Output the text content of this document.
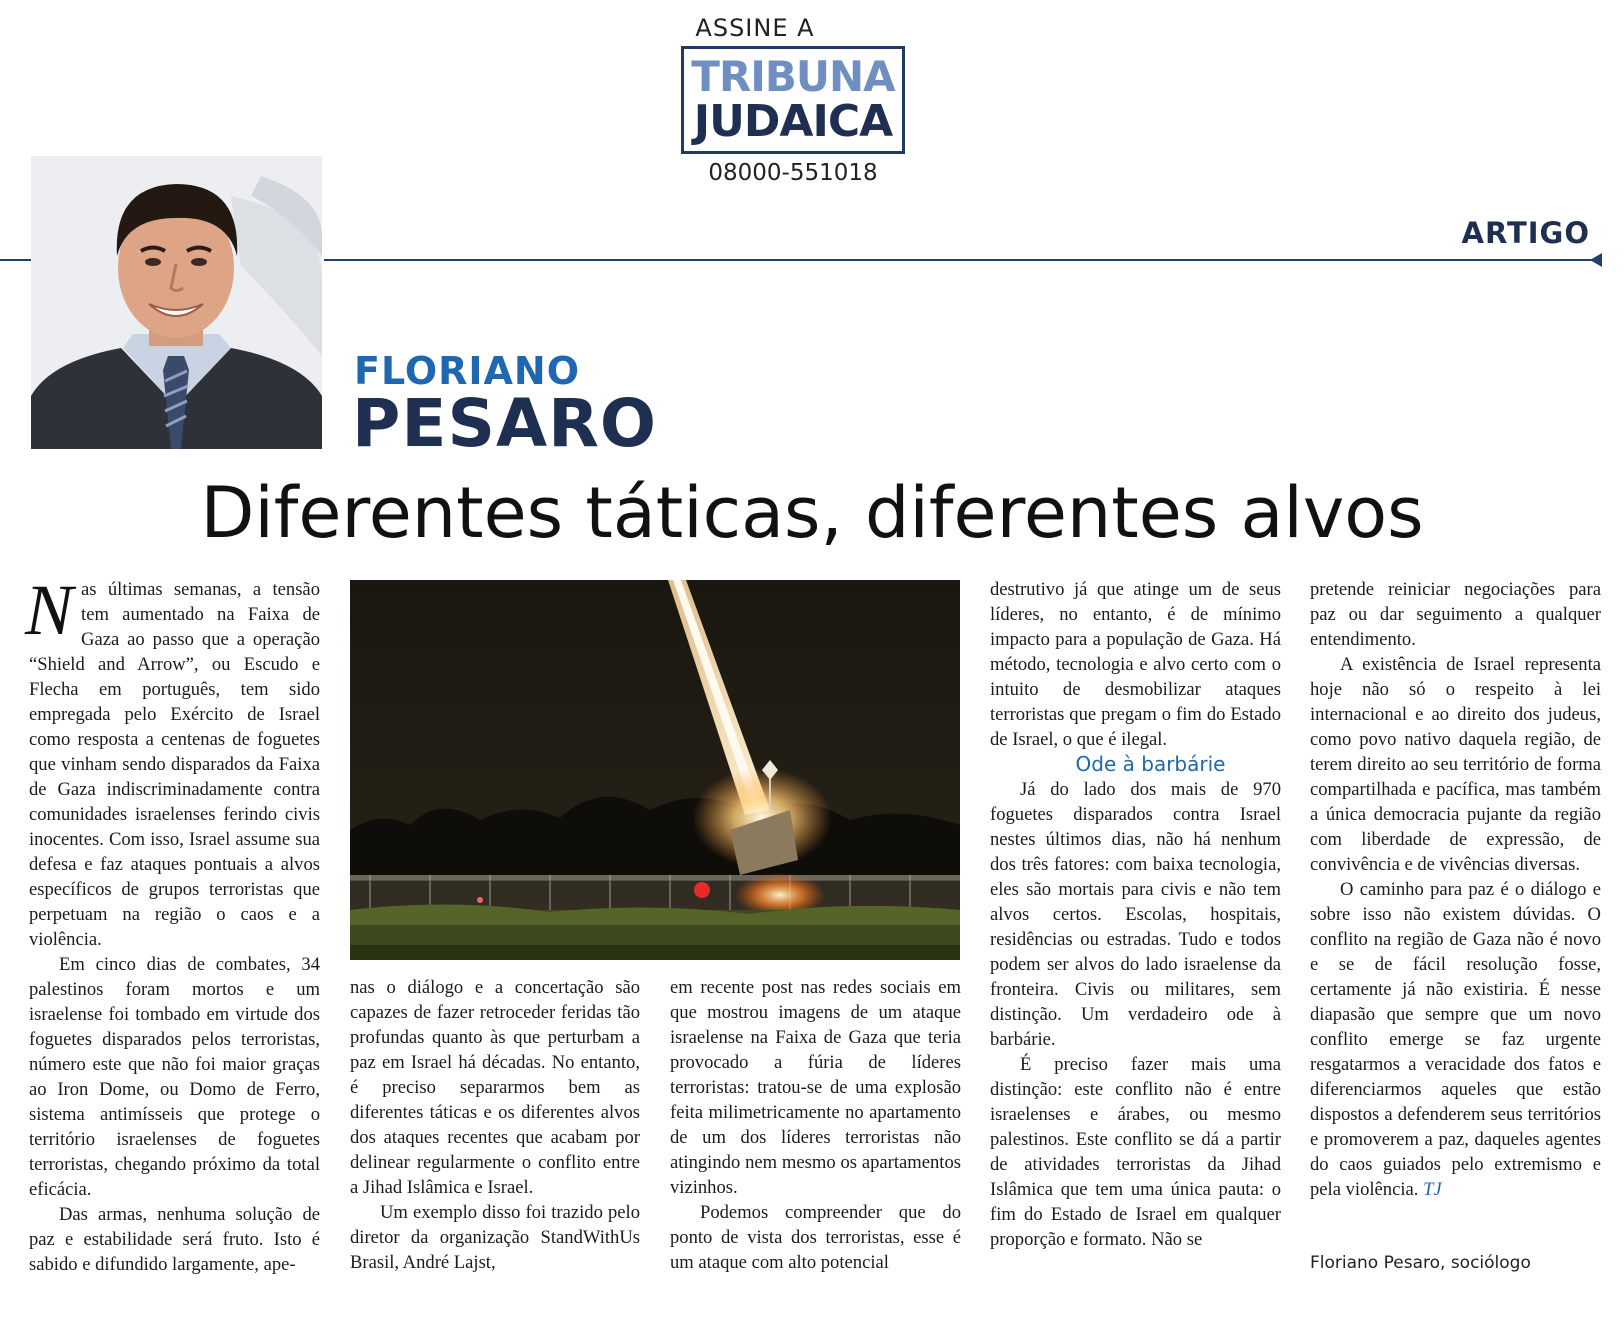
ASSINE A
TRIBUNA
JUDAICA
08000-551018
ARTIGO
FLORIANO
PESARO
Diferentes táticas, diferentes alvos

Nas últimas semanas, a tensão tem aumentado na Faixa de Gaza ao passo que a operação “Shield and Arrow”, ou Escudo e Flecha em português, tem sido empregada pelo Exército de Israel como resposta a centenas de foguetes que vinham sendo disparados da Faixa de Gaza indiscriminadamente contra comunidades israelenses ferindo civis inocentes. Com isso, Israel assume sua defesa e faz ataques pontuais a alvos específicos de grupos terroristas que perpetuam na região o caos e a violência.

Em cinco dias de combates, 34 palestinos foram mortos e um israelense foi tombado em virtude dos foguetes disparados pelos terroristas, número este que não foi maior graças ao Iron Dome, ou Domo de Ferro, sistema antimísseis que protege o território israelenses de foguetes terroristas, chegando próximo da total eficácia.

Das armas, nenhuma solução de paz e estabilidade será fruto. Isto é sabido e difundido largamente, ape-

nas o diálogo e a concertação são capazes de fazer retroceder feridas tão profundas quanto às que perturbam a paz em Israel há décadas. No entanto, é preciso separarmos bem as diferentes táticas e os diferentes alvos dos ataques recentes que acabam por delinear regularmente o conflito entre a Jihad Islâmica e Israel.

Um exemplo disso foi trazido pelo diretor da organização StandWithUs Brasil, André Lajst,

em recente post nas redes sociais em que mostrou imagens de um ataque israelense na Faixa de Gaza que teria provocado a fúria de líderes terroristas: tratou-se de uma explosão feita milimetricamente no apartamento de um dos líderes terroristas não atingindo nem mesmo os apartamentos vizinhos.

Podemos compreender que do ponto de vista dos terroristas, esse é um ataque com alto potencial

destrutivo já que atinge um de seus líderes, no entanto, é de mínimo impacto para a população de Gaza. Há método, tecnologia e alvo certo com o intuito de desmobilizar ataques terroristas que pregam o fim do Estado de Israel, o que é ilegal.

Ode à barbárie

Já do lado dos mais de 970 foguetes disparados contra Israel nestes últimos dias, não há nenhum dos três fatores: com baixa tecnologia, eles são mortais para civis e não tem alvos certos. Escolas, hospitais, residências ou estradas. Tudo e todos podem ser alvos do lado israelense da fronteira. Civis ou militares, sem distinção. Um verdadeiro ode à barbárie.

É preciso fazer mais uma distinção: este conflito não é entre israelenses e árabes, ou mesmo palestinos. Este conflito se dá a partir de atividades terroristas da Jihad Islâmica que tem uma única pauta: o fim do Estado de Israel em qualquer proporção e formato. Não se

pretende reiniciar negociações para paz ou dar seguimento a qualquer entendimento.

A existência de Israel representa hoje não só o respeito à lei internacional e ao direito dos judeus, como povo nativo daquela região, de terem direito ao seu território de forma compartilhada e pacífica, mas também a única democracia pujante da região com liberdade de expressão, de convivência e de vivências diversas.

O caminho para paz é o diálogo e sobre isso não existem dúvidas. O conflito na região de Gaza não é novo e se de fácil resolução fosse, certamente já não existiria. É nesse diapasão que sempre que um novo conflito emerge se faz urgente resgatarmos a veracidade dos fatos e diferenciarmos aqueles que estão dispostos a defenderem seus territórios e promoverem a paz, daqueles agentes do caos guiados pelo extremismo e pela violência. TJ

Floriano Pesaro, sociólogo
